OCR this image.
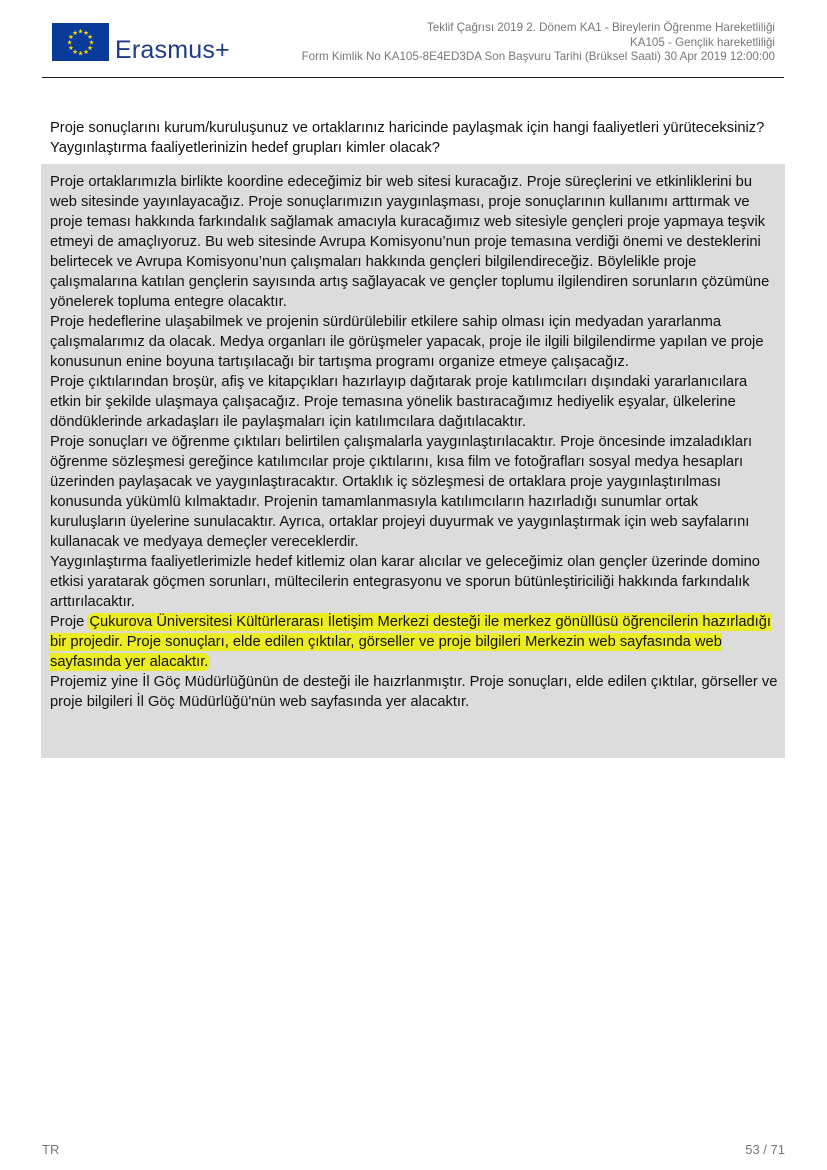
★ ★
★
★
★
★
★
★
★
★
★
★
Erasmus+
Teklif Çağrısı 2019 2. Dönem KA1 - Bireylerin Öğrenme Hareketliliği
KA105 - Gençlik hareketliliği
Form Kimlik No KA105-8E4ED3DA Son Başvuru Tarihi (Brüksel Saati) 30 Apr 2019 12:00:00
Proje sonuçlarını kurum/kuruluşunuz ve ortaklarınız haricinde paylaşmak için hangi faaliyetleri yürüteceksiniz? Yaygınlaştırma faaliyetlerinizin hedef grupları kimler olacak?

Proje ortaklarımızla birlikte koordine edeceğimiz bir web sitesi kuracağız. Proje süreçlerini ve etkinliklerini bu web sitesinde yayınlayacağız. Proje sonuçlarımızın yaygınlaşması, proje sonuçlarının kullanımı arttırmak ve proje teması hakkında farkındalık sağlamak amacıyla kuracağımız web sitesiyle gençleri proje yapmaya teşvik etmeyi de amaçlıyoruz. Bu web sitesinde Avrupa Komisyonu’nun proje temasına verdiği önemi ve desteklerini belirtecek ve Avrupa Komisyonu’nun çalışmaları hakkında gençleri bilgilendireceğiz. Böylelikle proje çalışmalarına katılan gençlerin sayısında artış sağlayacak ve gençler toplumu ilgilendiren sorunların çözümüne yönelerek topluma entegre olacaktır.

Proje hedeflerine ulaşabilmek ve projenin sürdürülebilir etkilere sahip olması için medyadan yararlanma çalışmalarımız da olacak. Medya organları ile görüşmeler yapacak, proje ile ilgili bilgilendirme yapılan ve proje konusunun enine boyuna tartışılacağı bir tartışma programı organize etmeye çalışacağız.

Proje çıktılarından broşür, afiş ve kitapçıkları hazırlayıp dağıtarak proje katılımcıları dışındaki yararlanıcılara etkin bir şekilde ulaşmaya çalışacağız. Proje temasına yönelik bastıracağımız hediyelik eşyalar, ülkelerine döndüklerinde arkadaşları ile paylaşmaları için katılımcılara dağıtılacaktır.

Proje sonuçları ve öğrenme çıktıları belirtilen çalışmalarla yaygınlaştırılacaktır. Proje öncesinde imzaladıkları öğrenme sözleşmesi gereğince katılımcılar proje çıktılarını, kısa film ve fotoğrafları sosyal medya hesapları üzerinden paylaşacak ve yaygınlaştıracaktır. Ortaklık iç sözleşmesi de ortaklara proje yaygınlaştırılması konusunda yükümlü kılmaktadır. Projenin tamamlanmasıyla katılımcıların hazırladığı sunumlar ortak kuruluşların üyelerine sunulacaktır. Ayrıca, ortaklar projeyi duyurmak ve yaygınlaştırmak için web sayfalarını kullanacak ve medyaya demeçler vereceklerdir.

Yaygınlaştırma faaliyetlerimizle hedef kitlemiz olan karar alıcılar ve geleceğimiz olan gençler üzerinde domino etkisi yaratarak göçmen sorunları, mültecilerin entegrasyonu ve sporun bütünleştiriciliği hakkında farkındalık arttırılacaktır.

Proje Çukurova Üniversitesi Kültürlerarası İletişim Merkezi desteği ile merkez gönüllüsü öğrencilerin hazırladığı bir projedir. Proje sonuçları, elde edilen çıktılar, görseller ve proje bilgileri Merkezin web sayfasında web sayfasında yer alacaktır.

Projemiz yine İl Göç Müdürlüğünün de desteği ile haızrlanmıştır. Proje sonuçları, elde edilen çıktılar, görseller ve proje bilgileri İl Göç Müdürlüğü'nün web sayfasında yer alacaktır.

TR	53 / 71
